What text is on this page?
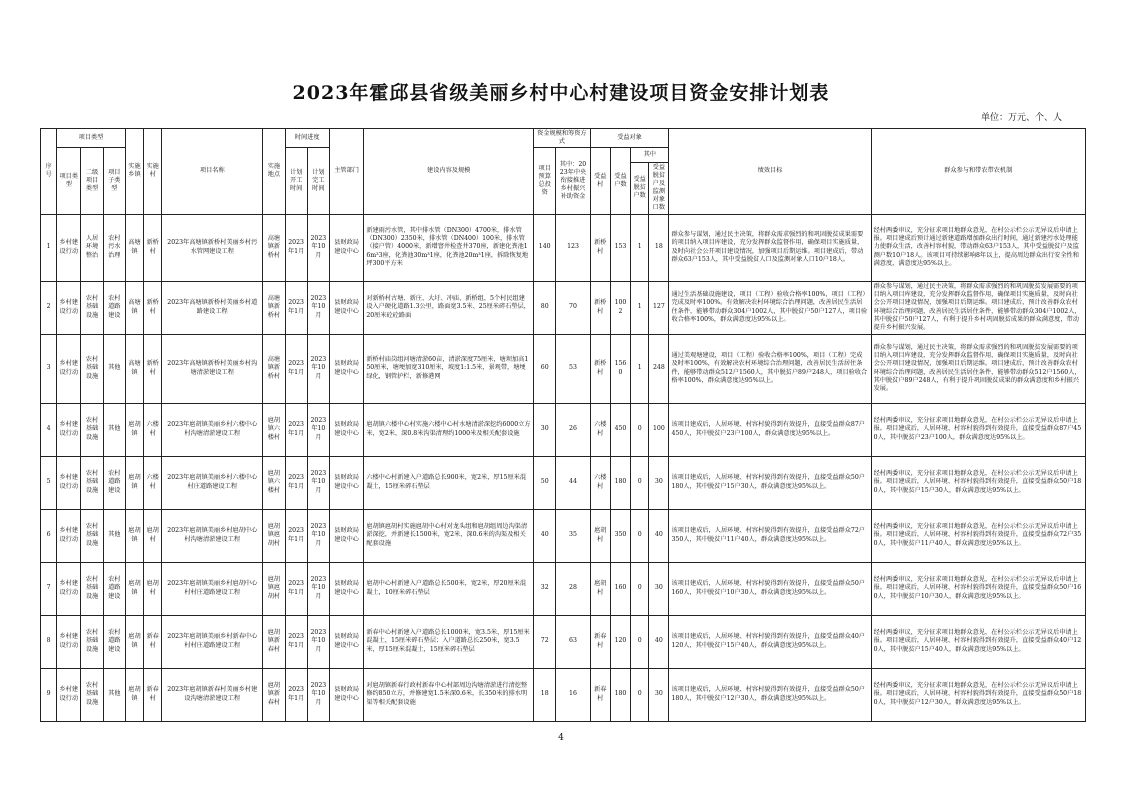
2023年霍邱县省级美丽乡村中心村建设项目资金安排计划表
单位：万元、个、人
序号	项目类型			实施乡镇	实施村	项目名称	实施地点	时间进度		主管部门	建设内容及规模	资金规模和筹资方式		受益对象				绩效目标	群众参与和带农带农机制
	项目类型	二级项目类型	项目子类型					计划开工时间	计划完工时间			项目预算总投资	其中：2023年中央衔接推进乡村振兴补助资金	受益村	受益户数	其中			
																受益脱贫户数	受益脱贫户及监测对象口数		
1	乡村建设行动	人居环境整治	农村污水治理	高塘镇	新桥村	2023年高塘镇新桥村美丽乡村污水管网建设工程	高塘镇新桥村	2023年1月	2023年10月	县财政局建设中心	新建雨污水管，其中排水管（DN300）4700米，排水管（DN300）2350米，排水管（DN400）100米，排水管（接户管）4000米，新增窨井检查井370座，新建化粪池16m³3座，化粪池30m³1座，化粪池20m³1座，拆除恢复地坪300平方米	140	123	新桥村	153	1	18	群众参与谋划，通过民主决策，将群众需求强烈的和巩固脱贫成果需要的项目纳入项目库建设，充分发挥群众监督作用，确保项目实施质量，及时向社会公开项目建设情况，加强项目后期运维。项目建成后，带动群众63户153人，其中受益脱贫人口及监测对象人口10户18人。	经村两委审议，充分征求项目地群众意见，在村公示栏公示无异议后申请上报。项目建成后预计通过新建道路增加群众出行时间，通过新建污水处理能力使群众生活，改善村容村貌，带动群众63户153人，其中受益脱贫户及监测户数10户18人。该项目可持续影响8年以上，提高周边群众出行安全性和满意度，满意度达95%以上。
2	乡村建设行动	农村基础设施	农村道路建设	高塘镇	新桥村	2023年高塘镇新桥村美丽乡村道路建设工程	高塘镇新桥村	2023年1月	2023年10月	县财政局建设中心	对新桥村古塘、新庄、大圩、冲庙、新桥组，5个村民组建设入户硬化道路1.3公里，路面宽3.5米、25厘米碎石垫层，20厘米砼砼路面	80	70	新桥村	1002	1	127	通过生活基础设施建设，项目（工程）验收合格率100%，项目（工程）完成及时率100%。有效解决农村环境综合治理问题，改善居民生活居住条件，能够带动群众304户1002人，其中脱贫户50户127人，项目验收合格率100%，群众满意度达95%以上。	群众参与谋划，通过民主决策，将群众需求强烈的和巩固脱贫发展需要的项目纳入项目库建设，充分发挥群众监督作用，确保项目实施质量，及时向社会公开项目建设情况，加强项目后期运维。项目建成后，预计改善群众农村环境综合治理问题，改善居民生活居住条件，能够带动群众304户1002人，其中脱贫户50户127人，有利于提升乡村巩固脱贫成果的群众满意度，带动提升乡村振兴发展。
3	乡村建设行动	农村基础设施	其他	高塘镇	新桥村	2023年高塘镇新桥村美丽乡村沟塘清淤建设工程	高塘镇新桥村	2023年1月	2023年10月	县财政局建设中心	新桥村庙岗组河塘清淤60亩，清淤深度75厘米，塘坝加高150厘米，塘埂加宽310厘米，坡度1:1.5米，景观带，塘埂绿化，钢管护栏，新修港网	60	53	新桥村	1560	1	248	通过美观塘建设，项目（工程）验收合格率100%，项目（工程）完成及时率100%，有效解决农村环境综合治理问题，改善居民生活居住条件，能够带动群众512户1560人，其中脱贫户89户248人，项目验收合格率100%，群众满意度达95%以上。	群众参与谋划，通过民主决策，将群众需求强烈的和巩固脱贫发展需要的项目纳入项目库建设，充分发挥群众监督作用，确保项目实施质量，及时向社会公开项目建设情况，加强项目后期运维。项目建成后，预计改善群众农村环境综合治理问题，改善居民生活居住条件，能够带动群众512户1560人，其中脱贫户89户248人，有利于提升巩固脱贫成果的群众满意度和乡村振兴发展。
4	乡村建设行动	农村基础设施	其他	扈胡镇	六楼村	2023年扈胡镇美丽乡村六楼中心村沟塘清淤建设工程	扈胡镇六楼村	2023年1月	2023年10月	县财政局建设中心	扈胡镇六楼中心村实施六楼中心村水塘清淤深挖约6000立方米，宽2米，深0.8米沟渠清理约1000米及相关配套设施	30	26	六楼村	450	0	100	该项目建成后，人居环境、村容村貌得到有效提升，直接受益群众87户450人，其中脱贫户23户100人，群众满意度达95%以上。	经村两委审议，充分征求项目地群众意见，在村公示栏公示无异议后申请上报。项目建成后，人居环境、村容村貌得到有效提升，直接受益群众87户450人，其中脱贫户23户100人，群众满意度达95%以上。
5	乡村建设行动	农村基础设施	农村道路建设	扈胡镇	六楼村	2023年扈胡镇美丽乡村六楼中心村庄道路建设工程	扈胡镇六楼村	2023年1月	2023年10月	县财政局建设中心	六楼中心村新建入户道路总长900米，宽2米，厚15厘米混凝土，15厘米碎石垫层	50	44	六楼村	180	0	30	该项目建成后，人居环境、村容村貌得到有效提升，直接受益群众50户180人，其中脱贫户15户30人，群众满意度达95%以上。	经村两委审议，充分征求项目地群众意见，在村公示栏公示无异议后申请上报。项目建成后，人居环境、村容村貌得到有效提升，直接受益群众50户180人，其中脱贫户15户30人，群众满意度达95%以上。
6	乡村建设行动	农村基础设施	其他	扈胡镇	扈胡村	2023年扈胡镇美丽乡村扈胡中心村沟塘清淤建设工程	扈胡镇扈胡村	2023年1月	2023年10月	县财政局建设中心	扈胡镇扈胡村实施扈胡中心村对龙头组和扈胡组周边沟渠清淤深挖，并新建长1500米，宽2米，深0.6米的沟渠及相关配套设施	40	35	扈胡村	350	0	40	该项目建成后，人居环境、村容村貌得到有效提升，直接受益群众72户350人，其中脱贫户11户40人，群众满意度达95%以上。	经村两委审议，充分征求项目地群众意见，在村公示栏公示无异议后申请上报。项目建成后，人居环境、村容村貌得到有效提升，直接受益群众72户350人，其中脱贫户11户40人，群众满意度达95%以上。
7	乡村建设行动	农村基础设施	农村道路建设	扈胡镇	扈胡村	2023年扈胡镇美丽乡村扈胡中心村村庄道路建设工程	扈胡镇扈胡村	2023年1月	2023年10月	县财政局建设中心	扈胡中心村新建入户道路总长500米，宽2米，厚20厘米混凝土，10厘米碎石垫层	32	28	扈胡村	160	0	30	该项目建成后，人居环境、村容村貌得到有效提升，直接受益群众50户160人，其中脱贫户10户30人，群众满意度达95%以上。	经村两委审议，充分征求项目地群众意见，在村公示栏公示无异议后申请上报。项目建成后，人居环境、村容村貌得到有效提升，直接受益群众50户160人，其中脱贫户10户30人，群众满意度达95%以上。
8	乡村建设行动	农村基础设施	农村道路建设	扈胡镇	新春村	2023年扈胡镇美丽乡村新春中心村村庄道路建设工程	扈胡镇新春村	2023年1月	2023年10月	县财政局建设中心	新春中心村新建入户道路总长1000米，宽3.5米，厚15厘米混凝土，15厘米碎石垫层；入户道路总长250米，宽3.5米，厚15厘米混凝土，15厘米碎石垫层	72	63	新春村	120	0	40	该项目建成后，人居环境、村容村貌得到有效提升，直接受益群众40户120人，其中脱贫户15户40人，群众满意度达95%以上。	经村两委审议，充分征求项目地群众意见，在村公示栏公示无异议后申请上报。项目建成后，人居环境、村容村貌得到有效提升，直接受益群众40户120人，其中脱贫户15户40人，群众满意度达95%以上。
9	乡村建设行动	农村基础设施	其他	扈胡镇	新春村	2023年扈胡镇新春村美丽乡村建设沟塘清淤建设工程	扈胡镇新春村	2023年1月	2023年10月	县财政局建设中心	对扈胡镇新春行政村新春中心村部周边沟塘清淤进行清挖整修约850立方，并修建宽1.5米深0.6米，长350米的排水明渠等相关配套设施	18	16	新春村	180	0	30	该项目建成后，人居环境、村容村貌得到有效提升，直接受益群众50户180人，其中脱贫户12户30人，群众满意度达95%以上。	经村两委审议，充分征求项目地群众意见，在村公示栏公示无异议后申请上报。项目建成后，人居环境、村容村貌得到有效提升，直接受益群众50户180人，其中脱贫户12户30人，群众满意度达95%以上。
4
